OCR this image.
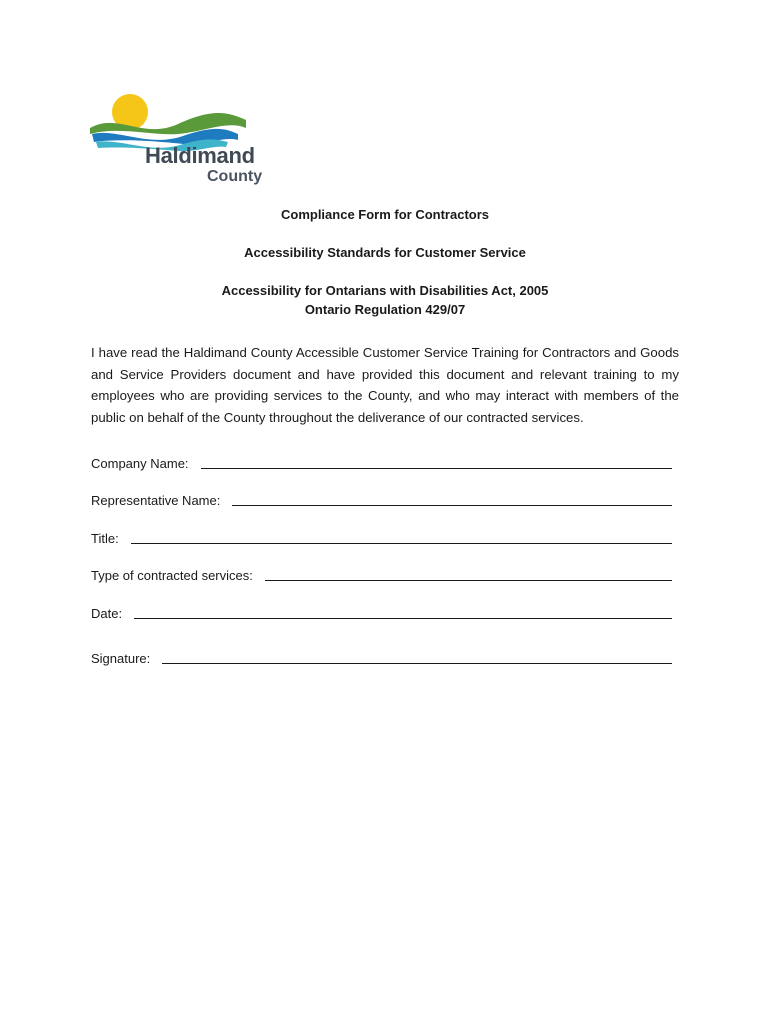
Haldimand
County
Compliance Form for Contractors
Accessibility Standards for Customer Service
Accessibility for Ontarians with Disabilities Act, 2005
Ontario Regulation 429/07
I have read the Haldimand County Accessible Customer Service Training for Contractors and Goods and Service Providers document and have provided this document and relevant training to my employees who are providing services to the County, and who may interact with members of the public on behalf of the County throughout the deliverance of our contracted services.
Company Name:
Representative Name:
Title:
Type of contracted services:
Date:
Signature:
